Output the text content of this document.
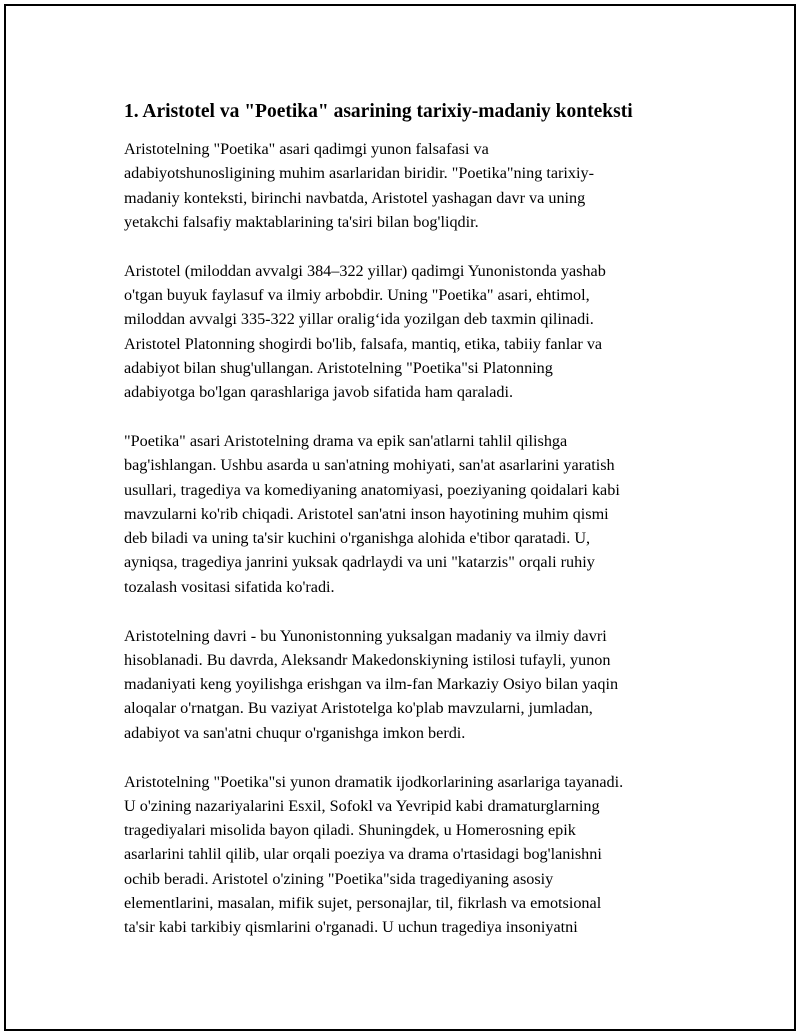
1. Aristotel va "Poetika" asarining tarixiy-madaniy konteksti
Aristotelning "Poetika" asari qadimgi yunon falsafasi va
adabiyotshunosligining muhim asarlaridan biridir. "Poetika"ning tarixiy-
madaniy konteksti, birinchi navbatda, Aristotel yashagan davr va uning
yetakchi falsafiy maktablarining ta'siri bilan bog'liqdir.
Aristotel (miloddan avvalgi 384–322 yillar) qadimgi Yunonistonda yashab
o'tgan buyuk faylasuf va ilmiy arbobdir. Uning "Poetika" asari, ehtimol,
miloddan avvalgi 335-322 yillar oralig‘ida yozilgan deb taxmin qilinadi.
Aristotel Platonning shogirdi bo'lib, falsafa, mantiq, etika, tabiiy fanlar va
adabiyot bilan shug'ullangan. Aristotelning "Poetika"si Platonning
adabiyotga bo'lgan qarashlariga javob sifatida ham qaraladi.
"Poetika" asari Aristotelning drama va epik san'atlarni tahlil qilishga
bag'ishlangan. Ushbu asarda u san'atning mohiyati, san'at asarlarini yaratish
usullari, tragediya va komediyaning anatomiyasi, poeziyaning qoidalari kabi
mavzularni ko'rib chiqadi. Aristotel san'atni inson hayotining muhim qismi
deb biladi va uning ta'sir kuchini o'rganishga alohida e'tibor qaratadi. U,
ayniqsa, tragediya janrini yuksak qadrlaydi va uni "katarzis" orqali ruhiy
tozalash vositasi sifatida ko'radi.
Aristotelning davri - bu Yunonistonning yuksalgan madaniy va ilmiy davri
hisoblanadi. Bu davrda, Aleksandr Makedonskiyning istilosi tufayli, yunon
madaniyati keng yoyilishga erishgan va ilm-fan Markaziy Osiyo bilan yaqin
aloqalar o'rnatgan. Bu vaziyat Aristotelga ko'plab mavzularni, jumladan,
adabiyot va san'atni chuqur o'rganishga imkon berdi.
Aristotelning "Poetika"si yunon dramatik ijodkorlarining asarlariga tayanadi.
U o'zining nazariyalarini Esxil, Sofokl va Yevripid kabi dramaturglarning
tragediyalari misolida bayon qiladi. Shuningdek, u Homerosning epik
asarlarini tahlil qilib, ular orqali poeziya va drama o'rtasidagi bog'lanishni
ochib beradi. Aristotel o'zining "Poetika"sida tragediyaning asosiy
elementlarini, masalan, mifik sujet, personajlar, til, fikrlash va emotsional
ta'sir kabi tarkibiy qismlarini o'rganadi. U uchun tragediya insoniyatni
